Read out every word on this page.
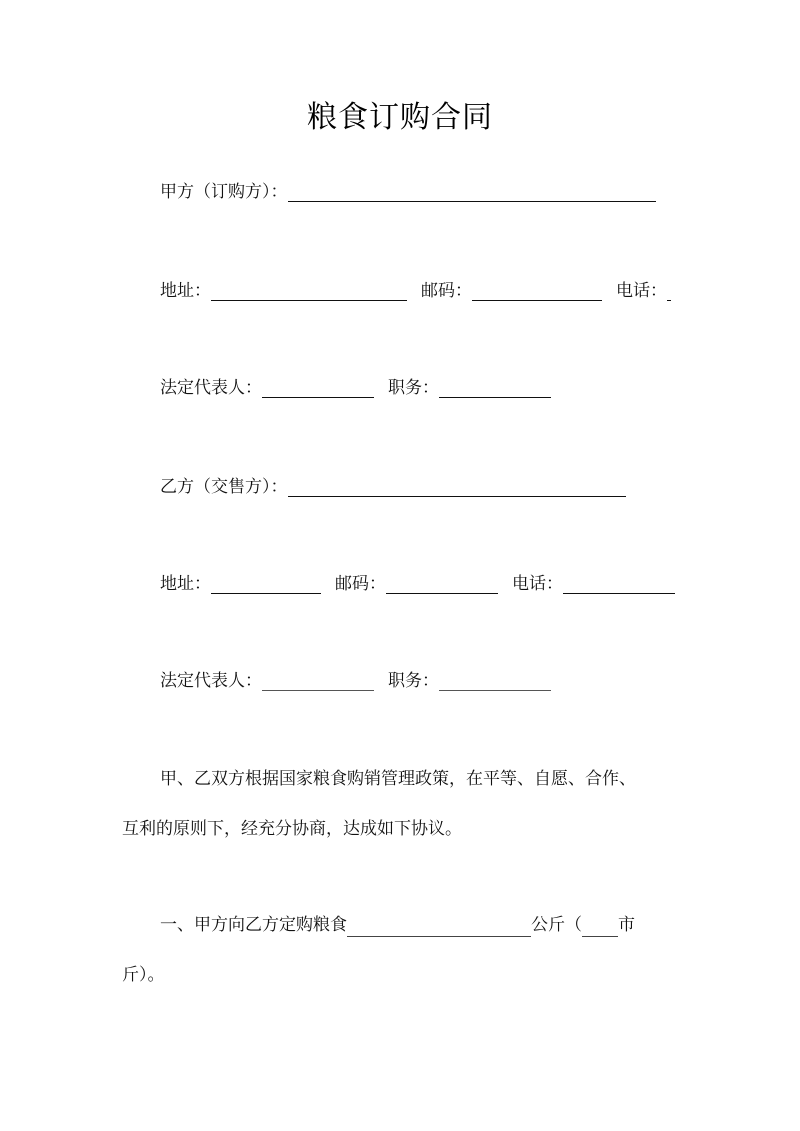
粮食订购合同
甲方（订购方）：
地址：	邮码：	电话：
法定代表人：	职务：
乙方（交售方）：
地址：	邮码：	电话：
法定代表人：	职务：
甲、乙双方根据国家粮食购销管理政策，在平等、自愿、合作、
互利的原则下，经充分协商，达成如下协议。
一、甲方向乙方定购粮食	公斤（ 市
斤）。
